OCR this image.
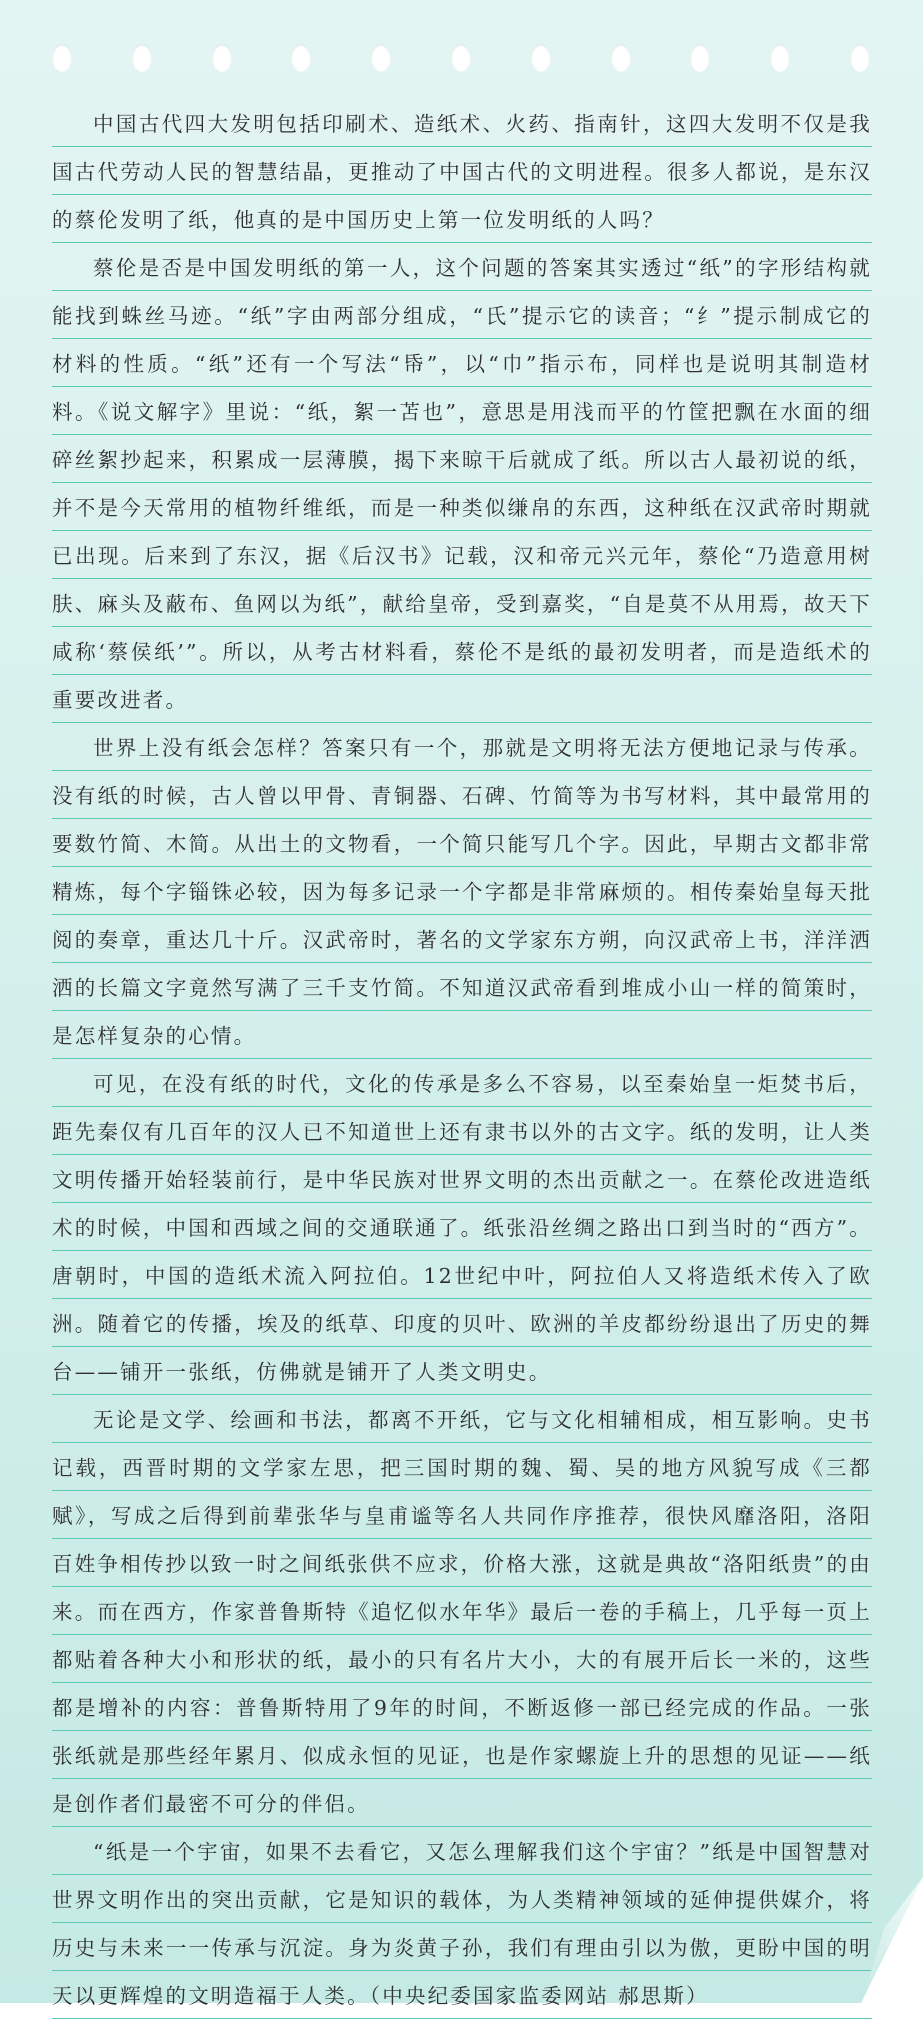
中国古代四大发明包括印刷术、造纸术、火药、指南针，这四大发明不仅是我国古代劳动人民的智慧结晶，更推动了中国古代的文明进程。很多人都说，是东汉的蔡伦发明了纸，他真的是中国历史上第一位发明纸的人吗？

蔡伦是否是中国发明纸的第一人，这个问题的答案其实透过“纸”的字形结构就能找到蛛丝马迹。“纸”字由两部分组成，“氏”提示它的读音；“纟”提示制成它的材料的性质。“纸”还有一个写法“帋”，以“巾”指示布，同样也是说明其制造材料。《说文解字》里说：“纸，絮一苫也”，意思是用浅而平的竹筐把飘在水面的细碎丝絮抄起来，积累成一层薄膜，揭下来晾干后就成了纸。所以古人最初说的纸，并不是今天常用的植物纤维纸，而是一种类似缣帛的东西，这种纸在汉武帝时期就已出现。后来到了东汉，据《后汉书》记载，汉和帝元兴元年，蔡伦“乃造意用树肤、麻头及蔽布、鱼网以为纸”，献给皇帝，受到嘉奖，“自是莫不从用焉，故天下咸称‘蔡侯纸’”。所以，从考古材料看，蔡伦不是纸的最初发明者，而是造纸术的重要改进者。

世界上没有纸会怎样？答案只有一个，那就是文明将无法方便地记录与传承。没有纸的时候，古人曾以甲骨、青铜器、石碑、竹简等为书写材料，其中最常用的要数竹简、木简。从出土的文物看，一个简只能写几个字。因此，早期古文都非常精炼，每个字锱铢必较，因为每多记录一个字都是非常麻烦的。相传秦始皇每天批阅的奏章，重达几十斤。汉武帝时，著名的文学家东方朔，向汉武帝上书，洋洋洒洒的长篇文字竟然写满了三千支竹简。不知道汉武帝看到堆成小山一样的简策时，是怎样复杂的心情。

可见，在没有纸的时代，文化的传承是多么不容易，以至秦始皇一炬焚书后，距先秦仅有几百年的汉人已不知道世上还有隶书以外的古文字。纸的发明，让人类文明传播开始轻装前行，是中华民族对世界文明的杰出贡献之一。在蔡伦改进造纸术的时候，中国和西域之间的交通联通了。纸张沿丝绸之路出口到当时的“西方”。唐朝时，中国的造纸术流入阿拉伯。12世纪中叶，阿拉伯人又将造纸术传入了欧洲。随着它的传播，埃及的纸草、印度的贝叶、欧洲的羊皮都纷纷退出了历史的舞台——铺开一张纸，仿佛就是铺开了人类文明史。

无论是文学、绘画和书法，都离不开纸，它与文化相辅相成，相互影响。史书记载，西晋时期的文学家左思，把三国时期的魏、蜀、吴的地方风貌写成《三都赋》，写成之后得到前辈张华与皇甫谧等名人共同作序推荐，很快风靡洛阳，洛阳百姓争相传抄以致一时之间纸张供不应求，价格大涨，这就是典故“洛阳纸贵”的由来。而在西方，作家普鲁斯特《追忆似水年华》最后一卷的手稿上，几乎每一页上都贴着各种大小和形状的纸，最小的只有名片大小，大的有展开后长一米的，这些都是增补的内容：普鲁斯特用了9年的时间，不断返修一部已经完成的作品。一张张纸就是那些经年累月、似成永恒的见证，也是作家螺旋上升的思想的见证——纸是创作者们最密不可分的伴侣。

“纸是一个宇宙，如果不去看它，又怎么理解我们这个宇宙？”纸是中国智慧对世界文明作出的突出贡献，它是知识的载体，为人类精神领域的延伸提供媒介，将历史与未来一一传承与沉淀。身为炎黄子孙，我们有理由引以为傲，更盼中国的明天以更辉煌的文明造福于人类。（中央纪委国家监委网站 郝思斯）
